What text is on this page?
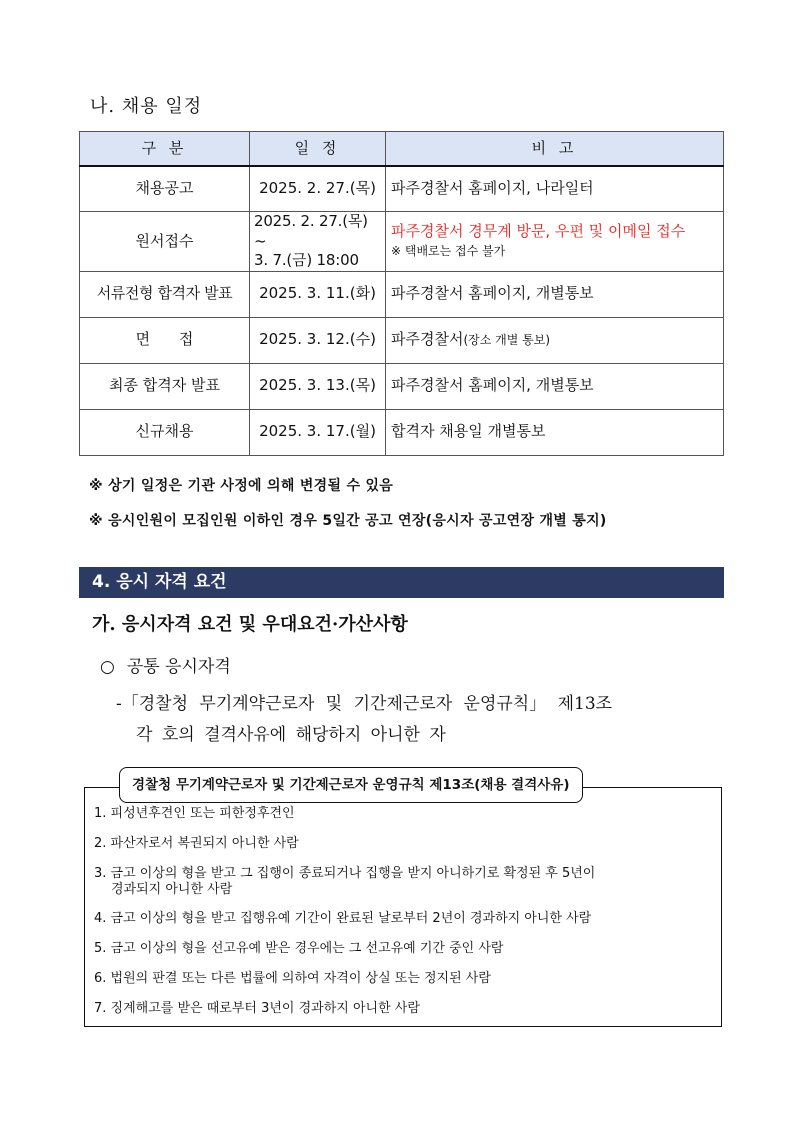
나. 채용 일정
구 분	일 정	비 고
채용공고	2025. 2. 27.(목)	파주경찰서 홈페이지, 나라일터
원서접수	2025. 2. 27.(목) ~
3. 7.(금) 18:00	파주경찰서 경무계 방문, 우편 및 이메일 접수
※ 택배로는 접수 불가
서류전형 합격자 발표	2025. 3. 11.(화)	파주경찰서 홈페이지, 개별통보
면 접	2025. 3. 12.(수)	파주경찰서(장소 개별 통보)
최종 합격자 발표	2025. 3. 13.(목)	파주경찰서 홈페이지, 개별통보
신규채용	2025. 3. 17.(월)	합격자 채용일 개별통보
※ 상기 일정은 기관 사정에 의해 변경될 수 있음
※ 응시인원이 모집인원 이하인 경우 5일간 공고 연장(응시자 공고연장 개별 통지)
4. 응시 자격 요건
가. 응시자격 요건 및 우대요건·가산사항
○ 공통 응시자격
-「경찰청 무기계약근로자 및 기간제근로자 운영규칙」 제13조
각 호의 결격사유에 해당하지 아니한 자
경찰청 무기계약근로자 및 기간제근로자 운영규칙 제13조(채용 결격사유)
1. 피성년후견인 또는 피한정후견인
2. 파산자로서 복권되지 아니한 사람
3. 금고 이상의 형을 받고 그 집행이 종료되거나 집행을 받지 아니하기로 확정된 후 5년이
경과되지 아니한 사람
4. 금고 이상의 형을 받고 집행유예 기간이 완료된 날로부터 2년이 경과하지 아니한 사람
5. 금고 이상의 형을 선고유예 받은 경우에는 그 선고유예 기간 중인 사람
6. 법원의 판결 또는 다른 법률에 의하여 자격이 상실 또는 정지된 사람
7. 징계해고를 받은 때로부터 3년이 경과하지 아니한 사람
